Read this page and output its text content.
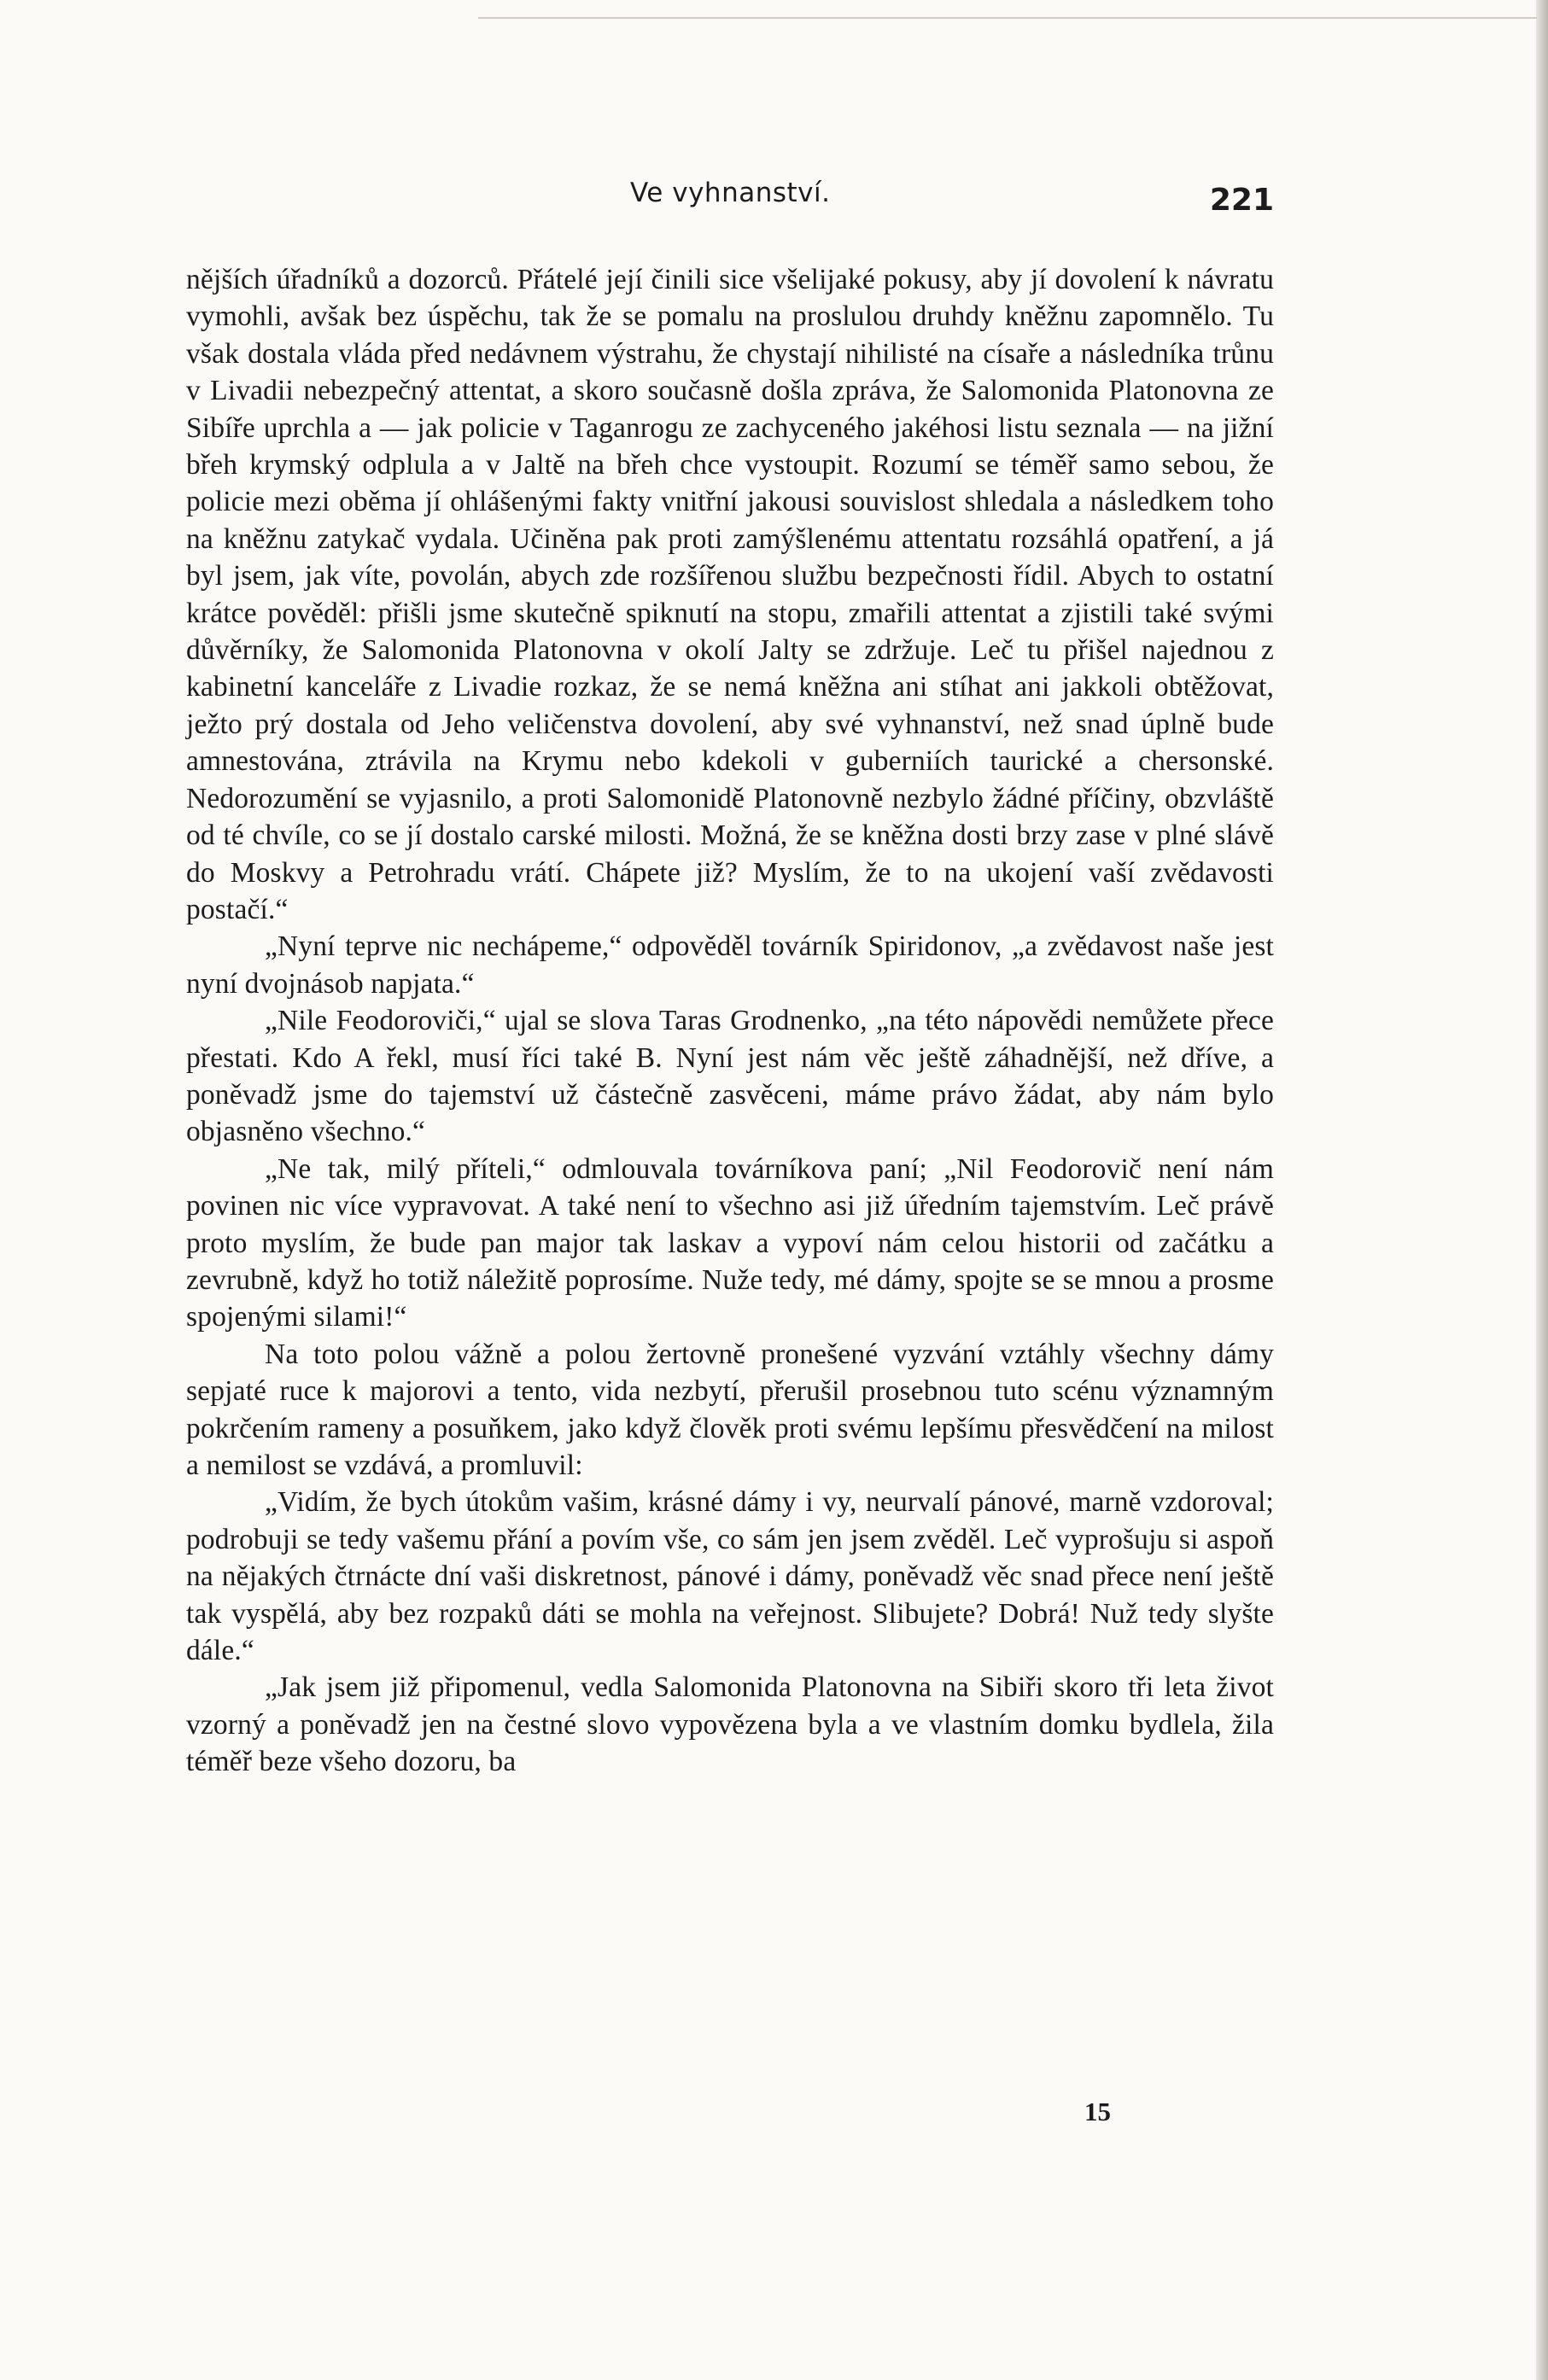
Ve vyhnanství.	221

nějších úřadníků a dozorců. Přátelé její činili sice všelijaké pokusy, aby jí dovolení k návratu vymohli, avšak bez úspěchu, tak že se pomalu na proslulou druhdy kněžnu zapomnělo. Tu však dostala vláda před nedávnem výstrahu, že chystají nihilisté na císaře a následníka trůnu v Livadii nebezpečný attentat, a skoro současně došla zpráva, že Salomonida Platonovna ze Sibíře uprchla a — jak policie v Taganrogu ze zachyceného jakéhosi listu seznala — na jižní břeh krymský odplula a v Jaltě na břeh chce vystoupit. Rozumí se téměř samo sebou, že policie mezi oběma jí ohlášenými fakty vnitřní jakousi souvislost shledala a následkem toho na kněžnu zatykač vydala. Učiněna pak proti zamýšlenému attentatu rozsáhlá opatření, a já byl jsem, jak víte, povolán, abych zde rozšířenou službu bezpečnosti řídil. Abych to ostatní krátce pověděl: přišli jsme skutečně spiknutí na stopu, zmařili attentat a zjistili také svými důvěrníky, že Salomonida Platonovna v okolí Jalty se zdržuje. Leč tu přišel najednou z kabinetní kanceláře z Livadie rozkaz, že se nemá kněžna ani stíhat ani jakkoli obtěžovat, ježto prý dostala od Jeho veličenstva dovolení, aby své vyhnanství, než snad úplně bude amnestována, ztrávila na Krymu nebo kdekoli v guberniích taurické a chersonské. Nedorozumění se vyjasnilo, a proti Salomonidě Platonovně nezbylo žádné příčiny, obzvláště od té chvíle, co se jí dostalo carské milosti. Možná, že se kněžna dosti brzy zase v plné slávě do Moskvy a Petrohradu vrátí. Chápete již? Myslím, že to na ukojení vaší zvědavosti postačí.“

„Nyní teprve nic nechápeme,“ odpověděl továrník Spiridonov, „a zvědavost naše jest nyní dvojnásob napjata.“

„Nile Feodoroviči,“ ujal se slova Taras Grodnenko, „na této nápovědi nemůžete přece přestati. Kdo A řekl, musí říci také B. Nyní jest nám věc ještě záhadnější, než dříve, a poněvadž jsme do tajemství už částečně zasvěceni, máme právo žádat, aby nám bylo objasněno všechno.“

„Ne tak, milý příteli,“ odmlouvala továrníkova paní; „Nil Feodorovič není nám povinen nic více vypravovat. A také není to všechno asi již úředním tajemstvím. Leč právě proto myslím, že bude pan major tak laskav a vypoví nám celou historii od začátku a zevrubně, když ho totiž náležitě poprosíme. Nuže tedy, mé dámy, spojte se se mnou a prosme spojenými silami!“

Na toto polou vážně a polou žertovně pronešené vyzvání vztáhly všechny dámy sepjaté ruce k majorovi a tento, vida nezbytí, přerušil prosebnou tuto scénu významným pokrčením rameny a posuňkem, jako když člověk proti svému lepšímu přesvědčení na milost a nemilost se vzdává, a promluvil:

„Vidím, že bych útokům vašim, krásné dámy i vy, neurvalí pánové, marně vzdoroval; podrobuji se tedy vašemu přání a povím vše, co sám jen jsem zvěděl. Leč vyprošuju si aspoň na nějakých čtrnácte dní vaši diskretnost, pánové i dámy, poněvadž věc snad přece není ještě tak vyspělá, aby bez rozpaků dáti se mohla na veřejnost. Slibujete? Dobrá! Nuž tedy slyšte dále.“

„Jak jsem již připomenul, vedla Salomonida Platonovna na Sibiři skoro tři leta život vzorný a poněvadž jen na čestné slovo vypovězena byla a ve vlastním domku bydlela, žila téměř beze všeho dozoru, ba

15
